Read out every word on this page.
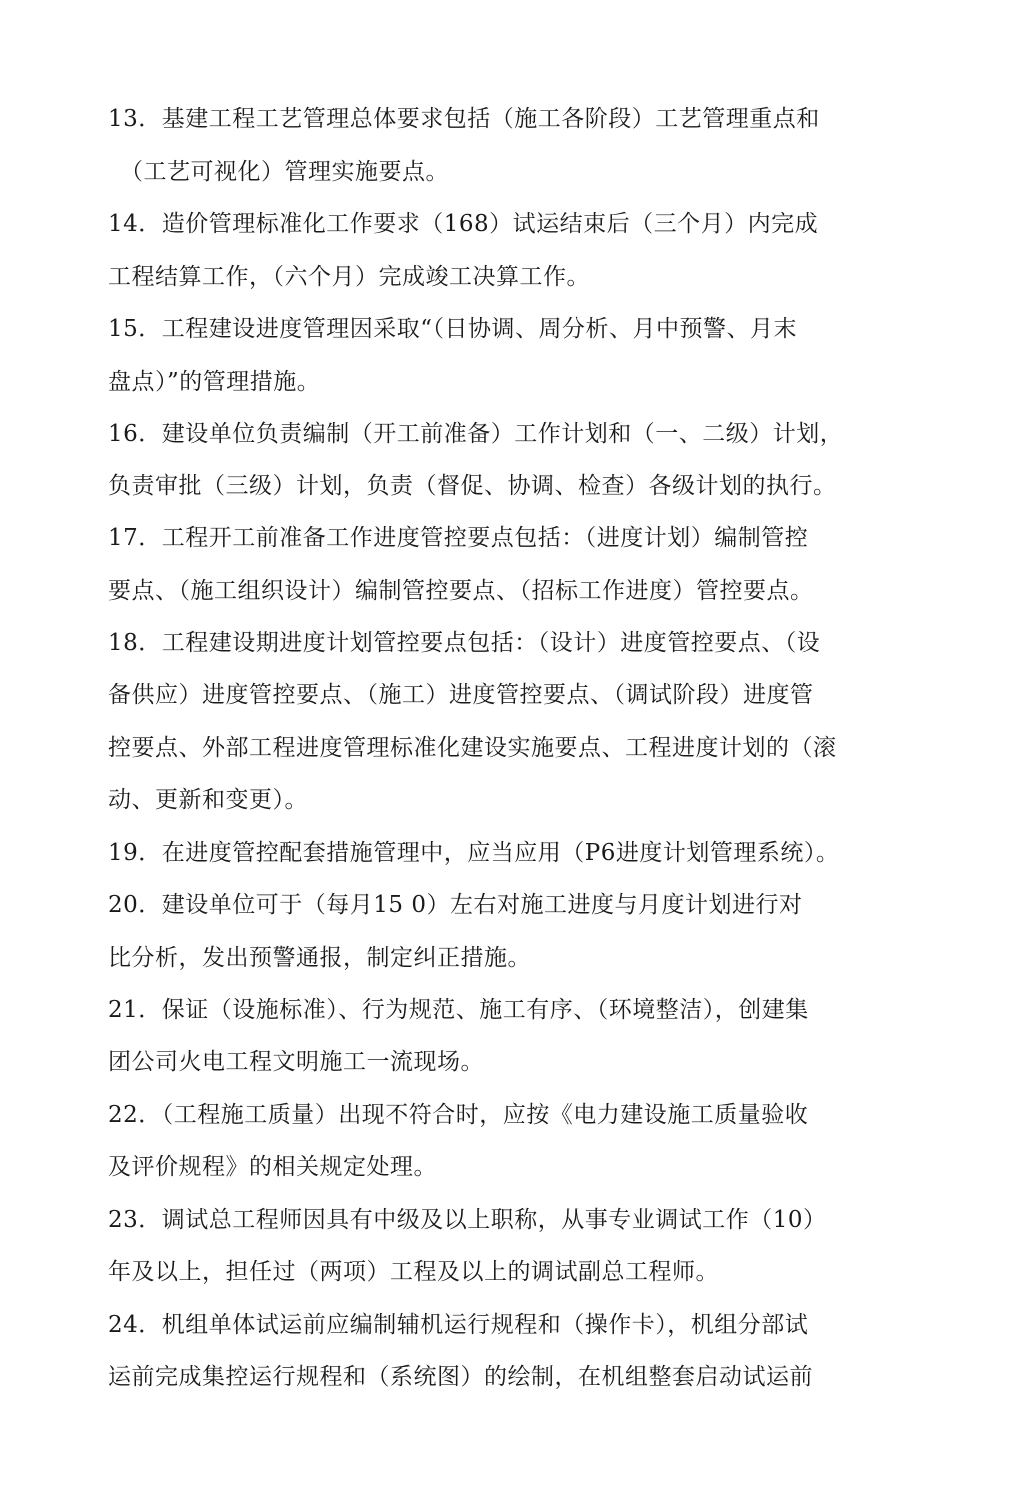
13．基建工程工艺管理总体要求包括（施工各阶段）工艺管理重点和
（工艺可视化）管理实施要点。
14．造价管理标准化工作要求（168）试运结束后（三个月）内完成
工程结算工作，（六个月）完成竣工决算工作。
15．工程建设进度管理因采取“（日协调、周分析、月中预警、月末
盘点）”的管理措施。
16．建设单位负责编制（开工前准备）工作计划和（一、二级）计划，
负责审批（三级）计划，负责（督促、协调、检查）各级计划的执行。
17．工程开工前准备工作进度管控要点包括：（进度计划）编制管控
要点、（施工组织设计）编制管控要点、（招标工作进度）管控要点。
18．工程建设期进度计划管控要点包括：（设计）进度管控要点、（设
备供应）进度管控要点、（施工）进度管控要点、（调试阶段）进度管
控要点、外部工程进度管理标准化建设实施要点、工程进度计划的（滚
动、更新和变更）。
19．在进度管控配套措施管理中，应当应用（P6进度计划管理系统）。
20．建设单位可于（每月15 0）左右对施工进度与月度计划进行对
比分析，发出预警通报，制定纠正措施。
21．保证（设施标准）、行为规范、施工有序、（环境整洁），创建集
团公司火电工程文明施工一流现场。
22．（工程施工质量）出现不符合时，应按《电力建设施工质量验收
及评价规程》的相关规定处理。
23．调试总工程师因具有中级及以上职称，从事专业调试工作（10）
年及以上，担任过（两项）工程及以上的调试副总工程师。
24．机组单体试运前应编制辅机运行规程和（操作卡），机组分部试
运前完成集控运行规程和（系统图）的绘制，在机组整套启动试运前
